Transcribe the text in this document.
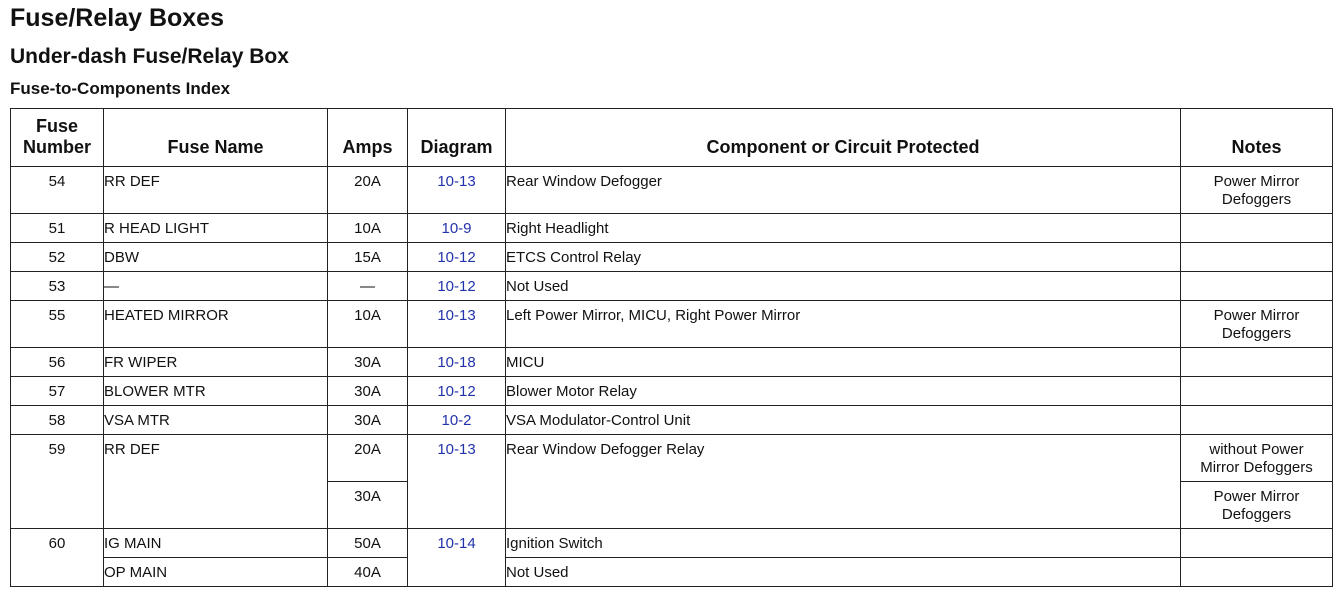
Fuse/Relay Boxes
Under-dash Fuse/Relay Box
Fuse-to-Components Index
Fuse
Number	Fuse Name	Amps	Diagram	Component or Circuit Protected	Notes
54	RR DEF	20A	10-13	Rear Window Defogger	Power Mirror
Defoggers
51	R HEAD LIGHT	10A	10-9	Right Headlight	
52	DBW	15A	10-12	ETCS Control Relay	
53	—	—	10-12	Not Used	
55	HEATED MIRROR	10A	10-13	Left Power Mirror, MICU, Right Power Mirror	Power Mirror
Defoggers
56	FR WIPER	30A	10-18	MICU	
57	BLOWER MTR	30A	10-12	Blower Motor Relay	
58	VSA MTR	30A	10-2	VSA Modulator-Control Unit	
59	RR DEF	20A	10-13	Rear Window Defogger Relay	without Power
Mirror Defoggers
		30A			Power Mirror
Defoggers
60	IG MAIN	50A	10-14	Ignition Switch	
	OP MAIN	40A		Not Used	
